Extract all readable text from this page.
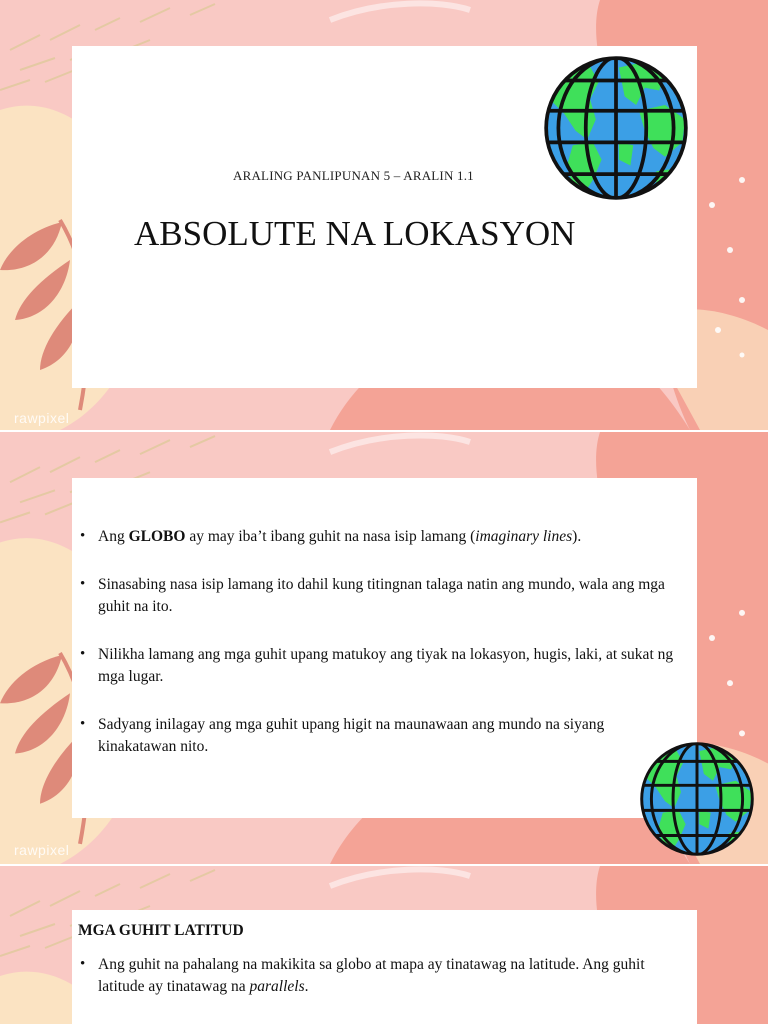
ARALING PANLIPUNAN 5 – ARALIN 1.1
ABSOLUTE NA LOKASYON
rawpixel
• Ang GLOBO ay may iba’t ibang guhit na nasa isip lamang (imaginary lines).
• Sinasabing nasa isip lamang ito dahil kung titingnan talaga natin ang mundo, wala ang mga guhit na ito.
• Nilikha lamang ang mga guhit upang matukoy ang tiyak na lokasyon, hugis, laki, at sukat ng mga lugar.
• Sadyang inilagay ang mga guhit upang higit na maunawaan ang mundo na siyang kinakatawan nito.
rawpixel
MGA GUHIT LATITUD
• Ang guhit na pahalang na makikita sa globo at mapa ay tinatawag na latitude. Ang guhit latitude ay tinatawag na parallels.
